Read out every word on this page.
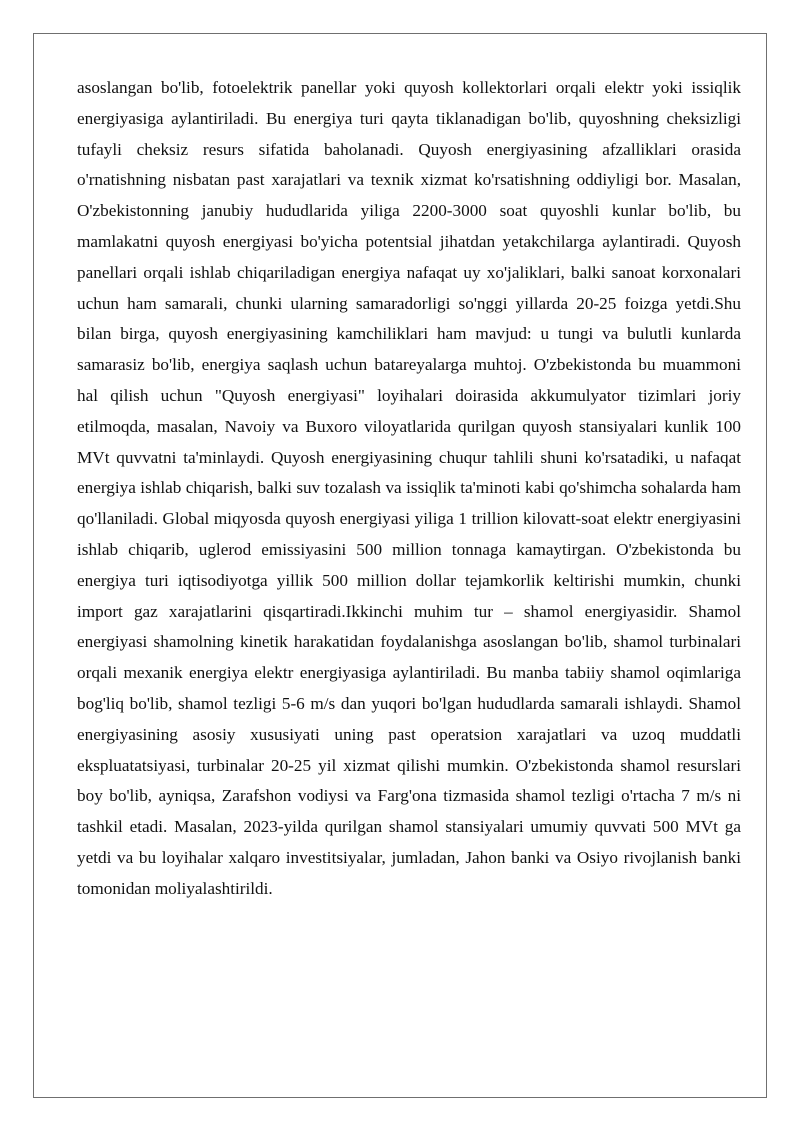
asoslangan bo'lib, fotoelektrik panellar yoki quyosh kollektorlari orqali elektr yoki issiqlik energiyasiga aylantiriladi. Bu energiya turi qayta tiklanadigan bo'lib, quyoshning cheksizligi tufayli cheksiz resurs sifatida baholanadi. Quyosh energiyasining afzalliklari orasida o'rnatishning nisbatan past xarajatlari va texnik xizmat ko'rsatishning oddiyligi bor. Masalan, O'zbekistonning janubiy hududlarida yiliga 2200-3000 soat quyoshli kunlar bo'lib, bu mamlakatni quyosh energiyasi bo'yicha potentsial jihatdan yetakchilarga aylantiradi. Quyosh panellari orqali ishlab chiqariladigan energiya nafaqat uy xo'jaliklari, balki sanoat korxonalari uchun ham samarali, chunki ularning samaradorligi so'nggi yillarda 20-25 foizga yetdi.Shu bilan birga, quyosh energiyasining kamchiliklari ham mavjud: u tungi va bulutli kunlarda samarasiz bo'lib, energiya saqlash uchun batareyalarga muhtoj. O'zbekistonda bu muammoni hal qilish uchun "Quyosh energiyasi" loyihalari doirasida akkumulyator tizimlari joriy etilmoqda, masalan, Navoiy va Buxoro viloyatlarida qurilgan quyosh stansiyalari kunlik 100 MVt quvvatni ta'minlaydi. Quyosh energiyasining chuqur tahlili shuni ko'rsatadiki, u nafaqat energiya ishlab chiqarish, balki suv tozalash va issiqlik ta'minoti kabi qo'shimcha sohalarda ham qo'llaniladi. Global miqyosda quyosh energiyasi yiliga 1 trillion kilovatt-soat elektr energiyasini ishlab chiqarib, uglerod emissiyasini 500 million tonnaga kamaytirgan. O'zbekistonda bu energiya turi iqtisodiyotga yillik 500 million dollar tejamkorlik keltirishi mumkin, chunki import gaz xarajatlarini qisqartiradi.Ikkinchi muhim tur – shamol energiyasidir. Shamol energiyasi shamolning kinetik harakatidan foydalanishga asoslangan bo'lib, shamol turbinalari orqali mexanik energiya elektr energiyasiga aylantiriladi. Bu manba tabiiy shamol oqimlariga bog'liq bo'lib, shamol tezligi 5-6 m/s dan yuqori bo'lgan hududlarda samarali ishlaydi. Shamol energiyasining asosiy xususiyati uning past operatsion xarajatlari va uzoq muddatli ekspluatatsiyasi, turbinalar 20-25 yil xizmat qilishi mumkin. O'zbekistonda shamol resurslari boy bo'lib, ayniqsa, Zarafshon vodiysi va Farg'ona tizmasida shamol tezligi o'rtacha 7 m/s ni tashkil etadi. Masalan, 2023-yilda qurilgan shamol stansiyalari umumiy quvvati 500 MVt ga yetdi va bu loyihalar xalqaro investitsiyalar, jumladan, Jahon banki va Osiyo rivojlanish banki tomonidan moliyalashtirildi.
